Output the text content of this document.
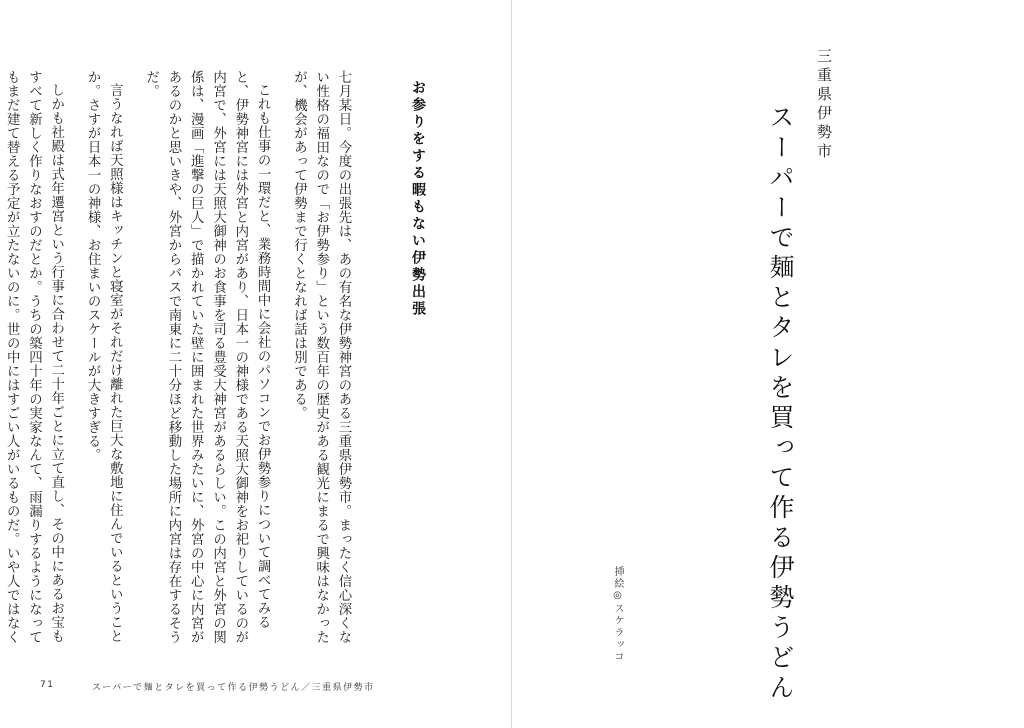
三重県伊勢市
スーパーで麺とタレを買って作る伊勢うどん
挿絵◎スケラッコ
お参りをする暇もない伊勢出張

七月某日。今度の出張先は、あの有名な伊勢神宮のある三重県伊勢市。まったく信心深くない性格の福田なので「お伊勢参り」という数百年の歴史がある観光にまるで興味はなかったが、機会があって伊勢まで行くとなれば話は別である。

これも仕事の一環だと、業務時間中に会社のパソコンでお伊勢参りについて調べてみると、伊勢神宮には外宮と内宮があり、日本一の神様である天照大御神をお祀りしているのが内宮で、外宮には天照大御神のお食事を司る豊受大神宮があるらしい。この内宮と外宮の関係は、漫画「進撃の巨人」で描かれていた壁に囲まれた世界みたいに、外宮の中心に内宮があるのかと思いきや、外宮からバスで南東に二十分ほど移動した場所に内宮は存在するそうだ。

言うなれば天照様はキッチンと寝室がそれだけ離れた巨大な敷地に住んでいるということか。さすが日本一の神様、お住まいのスケールが大きすぎる。

しかも社殿は式年遷宮という行事に合わせて二十年ごとに立て直し、その中にあるお宝もすべて新しく作りなおすのだとか。うちの築四十年の実家なんて、雨漏りするようになってもまだ建て替える予定が立たないのに。世の中にはすごい人がいるものだ。いや人ではなく

71	スーパーで麺とタレを買って作る伊勢うどん／三重県伊勢市
